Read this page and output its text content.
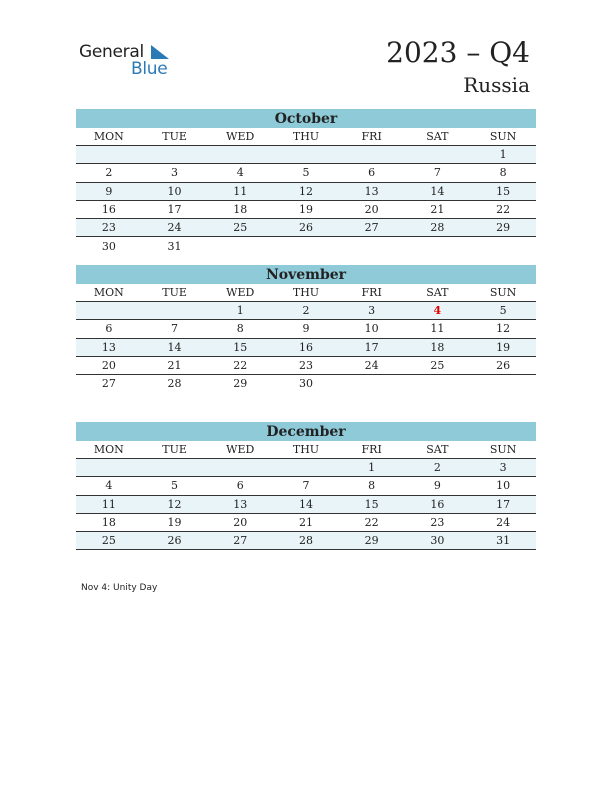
General
Blue	2023 – Q4
Russia
October
MON	TUE	WED	THU	FRI	SAT	SUN
						1
2	3	4	5	6	7	8
9	10	11	12	13	14	15
16	17	18	19	20	21	22
23	24	25	26	27	28	29
30	31					
November
MON	TUE	WED	THU	FRI	SAT	SUN
		1	2	3	4	5
6	7	8	9	10	11	12
13	14	15	16	17	18	19
20	21	22	23	24	25	26
27	28	29	30			
December
MON	TUE	WED	THU	FRI	SAT	SUN
				1	2	3
4	5	6	7	8	9	10
11	12	13	14	15	16	17
18	19	20	21	22	23	24
25	26	27	28	29	30	31
Nov 4: Unity Day
